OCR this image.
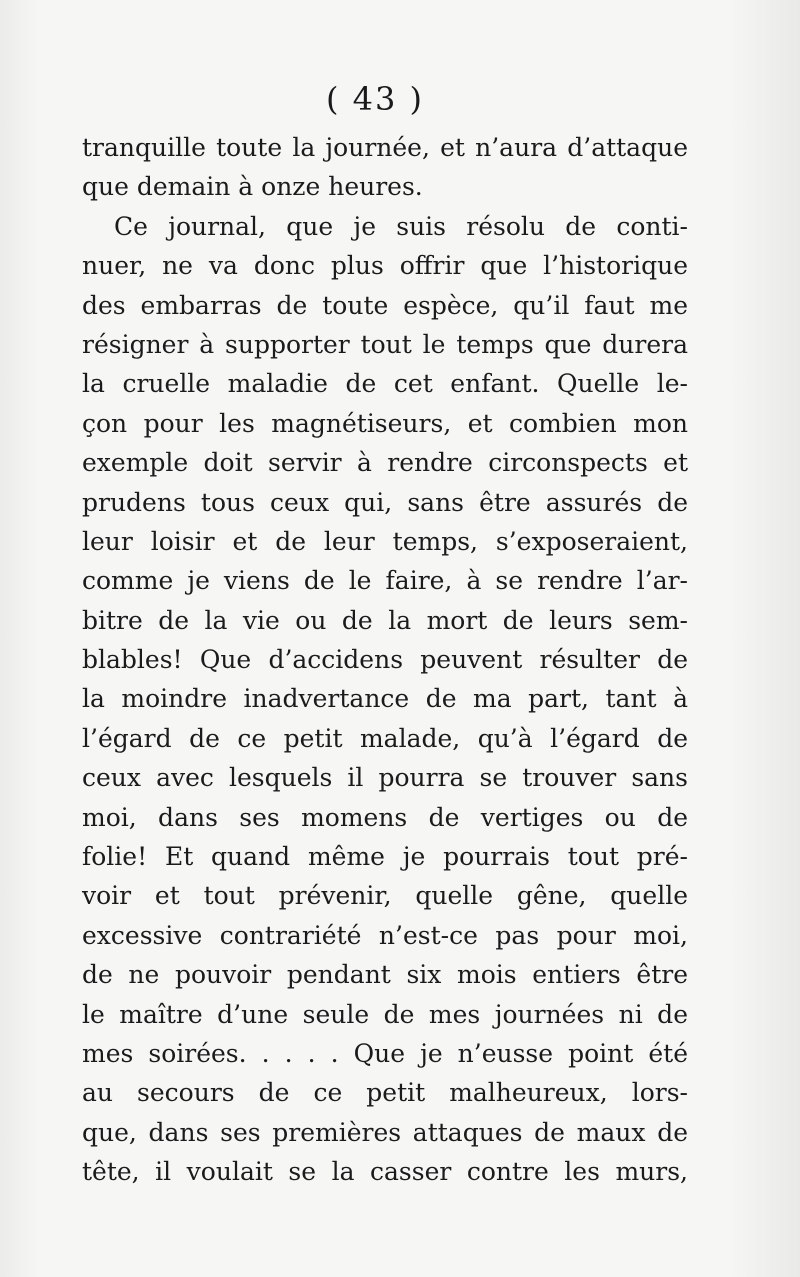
( 43 )
tranquille toute la journée, et n’aura d’attaque
que demain à onze heures.
Ce journal, que je suis résolu de conti-
nuer, ne va donc plus offrir que l’historique
des embarras de toute espèce, qu’il faut me
résigner à supporter tout le temps que durera
la cruelle maladie de cet enfant. Quelle le-
çon pour les magnétiseurs, et combien mon
exemple doit servir à rendre circonspects et
prudens tous ceux qui, sans être assurés de
leur loisir et de leur temps, s’exposeraient,
comme je viens de le faire, à se rendre l’ar-
bitre de la vie ou de la mort de leurs sem-
blables! Que d’accidens peuvent résulter de
la moindre inadvertance de ma part, tant à
l’égard de ce petit malade, qu’à l’égard de
ceux avec lesquels il pourra se trouver sans
moi, dans ses momens de vertiges ou de
folie! Et quand même je pourrais tout pré-
voir et tout prévenir, quelle gêne, quelle
excessive contrariété n’est-ce pas pour moi,
de ne pouvoir pendant six mois entiers être
le maître d’une seule de mes journées ni de
mes soirées. . . . . Que je n’eusse point été
au secours de ce petit malheureux, lors-
que, dans ses premières attaques de maux de
tête, il voulait se la casser contre les murs,
